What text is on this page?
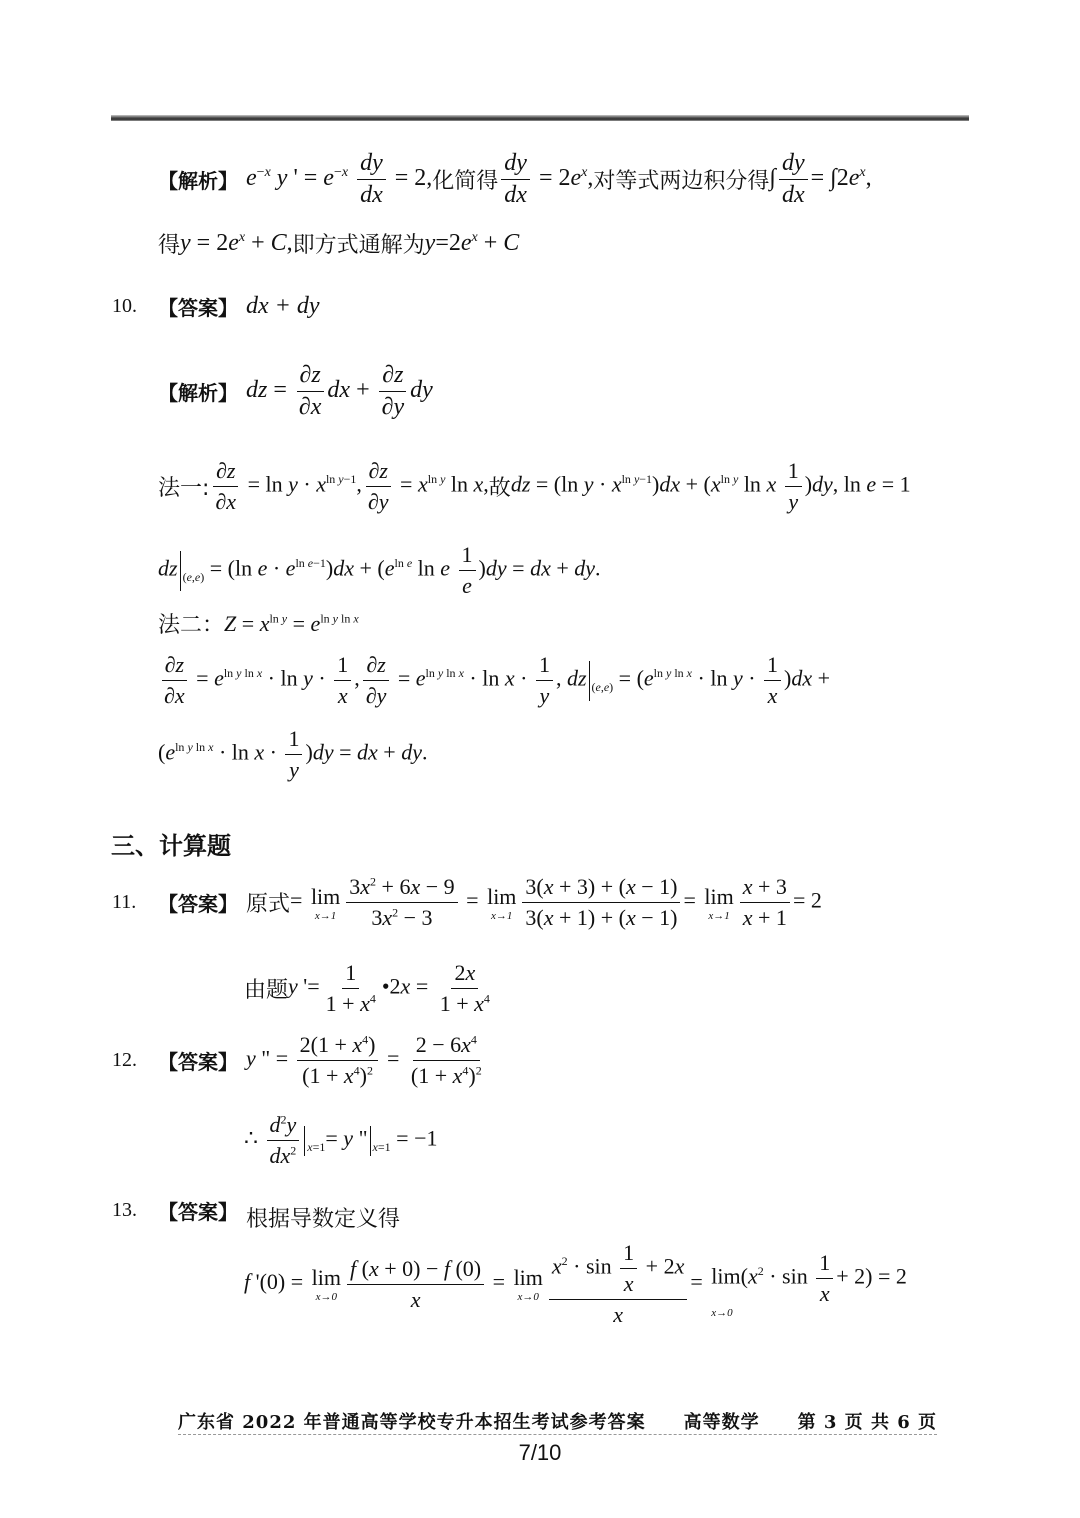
【解析】 $e^{-x}$ y ' = $e^{-x} \frac{dy}{dx} = 2$, 化简得 $\frac{dy}{dx} = 2e^x$, 对等式两边积分得 ∫ $\frac{dy}{dx} = \int 2e^x$,
得 $y = 2e^x + C$, 即方式通解为 $y=2e^x + C$
10.	【答案】 dx + dy
【解析】 dz = $\frac{\partial z}{\partial x}$ dx + $\frac{\partial z}{\partial y}$ dy
法一: $\frac{\partial z}{\partial x} = \ln y \cdot x^{ln y-1}$, $\frac{\partial z}{\partial y} = x^{ln y}$ ln x, 故 dz = (ln $y \cdot x^{ln y-1})dx + (x^{ln y}$ ln x $\frac{1}{y} )dy$, ln e = 1
dz $_{(e,e)}$ = (ln $e \cdot e^{ln e-1})dx + (e^{ln e}$ ln e $\frac{1}{e} )dy$ = dx + dy.
法二： $Z = x^{ln y} = e^{ln y ln x}$
$\frac{\partial z}{\partial x} = e^{ln y ln x} \cdot \ln y \cdot \frac{1}{x}$ , $\frac{\partial z}{\partial y} = e^{ln y ln x} \cdot \ln x \cdot \frac{1}{y}$ , dz $_{(e,e)} = (e^{ln y ln x} \cdot \ln y \cdot \frac{1}{x} )dx$ +
$(e^{ln y ln x} \cdot \ln x \cdot \frac{1}{y} )dy$ = dx + dy.
三、计算题
11.	【答案】 原式 = lim
$x\to 1 \frac{3x^2 + 6x - 9}{3x^2 - 3} = \lim$
$x\to 1 \frac{3(x + 3) + (x - 1)}{3(x + 1) + (x - 1)} = \lim$
$x\to 1 \frac{x + 3}{x + 1} = 2$
由题 y '= $\frac{1}{1 + x^4}$ •2x = $\frac{2x}{1 + x^4}$
12.	【答案】 y " = $\frac{2(1 + x^4)}{(1 + x^4)^2} = \frac{2 - 6x^4}{(1 + x^4)^2}$
∴ $\frac{d^2y}{dx^2} _{x=1}= y$ " $_{x=1}$ = −1
13.	【答案】 根据导数定义得
f '(0) = lim
$x\to 0 \frac{f (x + 0) - f (0)}{x} = \lim$
$x\to 0 \frac{x^2 \cdot \sin \frac{1}{x} + 2x}{x} = \lim(x^2 \cdot \sin \frac{1}{x} + 2) = 2$
x→0
广东省 2022 年普通高等学校专升本招生考试参考答案　　高等数学　　第 3 页 共 6 页
7/10
